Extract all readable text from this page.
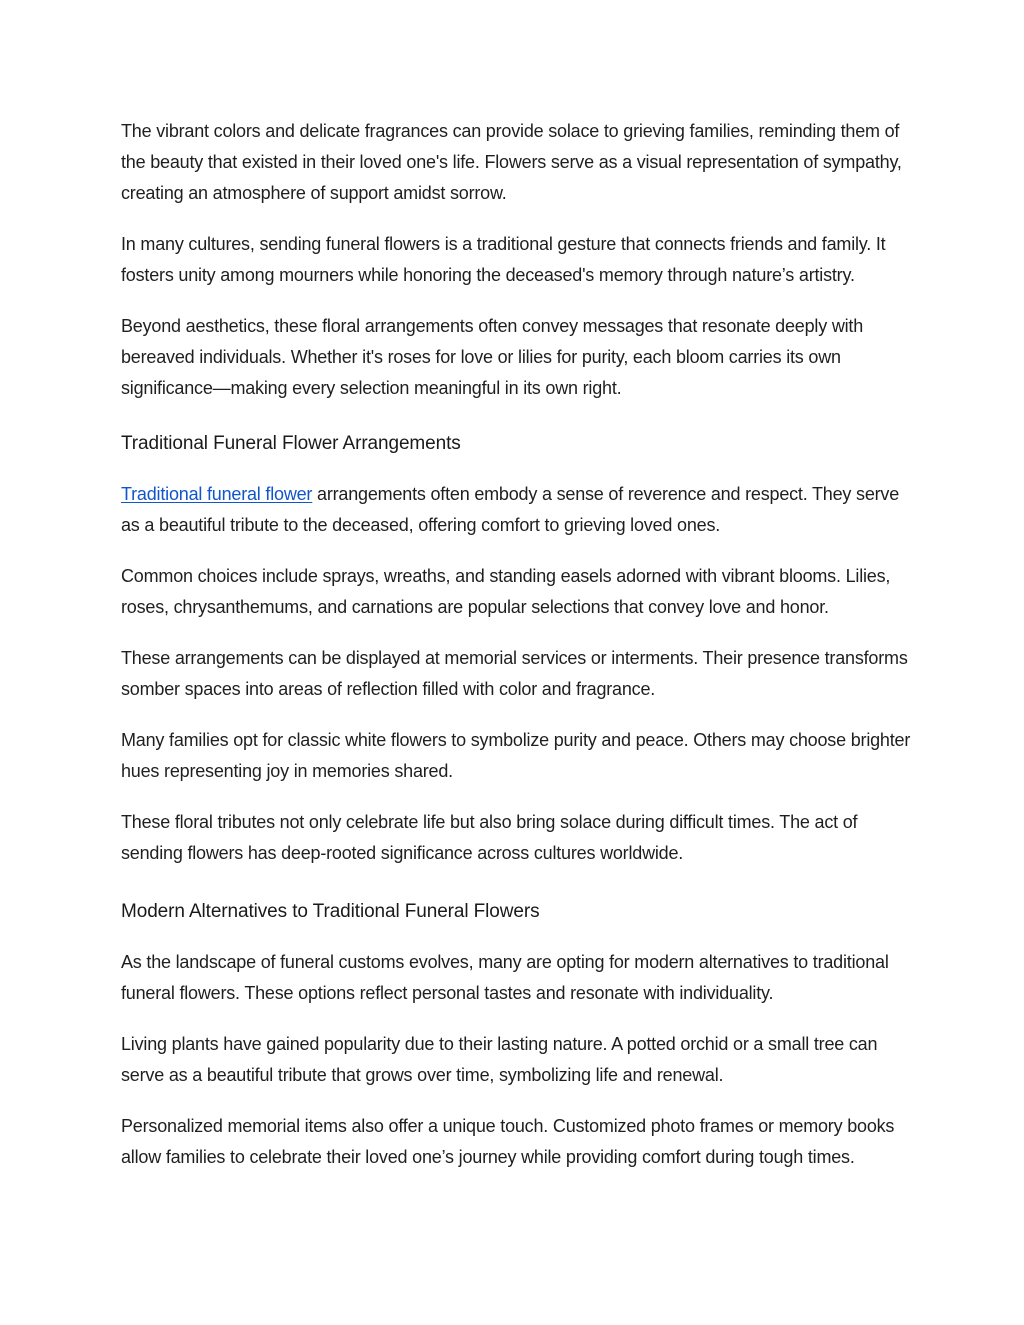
The vibrant colors and delicate fragrances can provide solace to grieving families, reminding them of the beauty that existed in their loved one's life. Flowers serve as a visual representation of sympathy, creating an atmosphere of support amidst sorrow.

In many cultures, sending funeral flowers is a traditional gesture that connects friends and family. It fosters unity among mourners while honoring the deceased's memory through nature’s artistry.

Beyond aesthetics, these floral arrangements often convey messages that resonate deeply with bereaved individuals. Whether it's roses for love or lilies for purity, each bloom carries its own significance—making every selection meaningful in its own right.

Traditional Funeral Flower Arrangements

Traditional funeral flower arrangements often embody a sense of reverence and respect. They serve as a beautiful tribute to the deceased, offering comfort to grieving loved ones.

Common choices include sprays, wreaths, and standing easels adorned with vibrant blooms. Lilies, roses, chrysanthemums, and carnations are popular selections that convey love and honor.

These arrangements can be displayed at memorial services or interments. Their presence transforms somber spaces into areas of reflection filled with color and fragrance.

Many families opt for classic white flowers to symbolize purity and peace. Others may choose brighter hues representing joy in memories shared.

These floral tributes not only celebrate life but also bring solace during difficult times. The act of sending flowers has deep-rooted significance across cultures worldwide.

Modern Alternatives to Traditional Funeral Flowers

As the landscape of funeral customs evolves, many are opting for modern alternatives to traditional funeral flowers. These options reflect personal tastes and resonate with individuality.

Living plants have gained popularity due to their lasting nature. A potted orchid or a small tree can serve as a beautiful tribute that grows over time, symbolizing life and renewal.

Personalized memorial items also offer a unique touch. Customized photo frames or memory books allow families to celebrate their loved one’s journey while providing comfort during tough times.
